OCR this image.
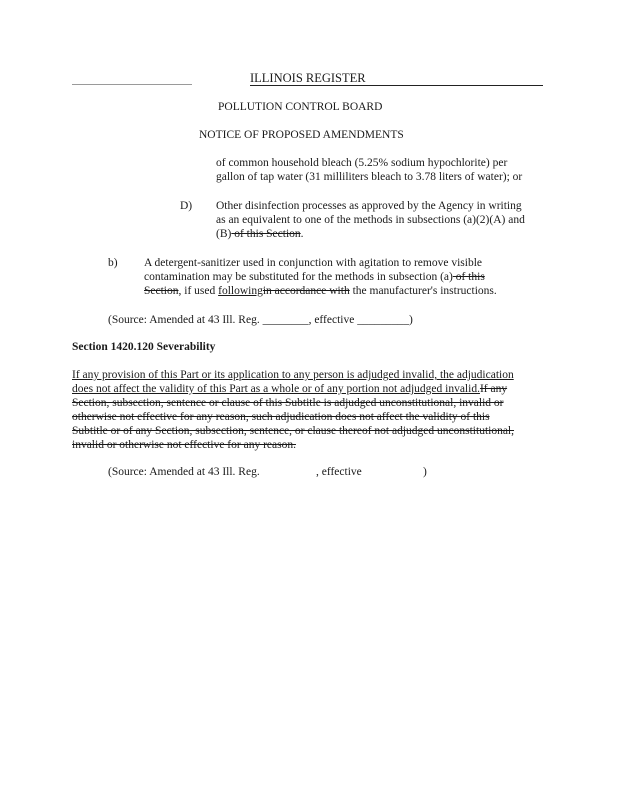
ILLINOIS REGISTER
POLLUTION CONTROL BOARD
NOTICE OF PROPOSED AMENDMENTS
of common household bleach (5.25% sodium hypochlorite) per
gallon of tap water (31 milliliters bleach to 3.78 liters of water); or
D) Other disinfection processes as approved by the Agency in writing
as an equivalent to one of the methods in subsections (a)(2)(A) and
(B) of this Section.
b) A detergent-sanitizer used in conjunction with agitation to remove visible
contamination may be substituted for the methods in subsection (a) of this
Section, if used followingin accordance with the manufacturer's instructions.
(Source: Amended at 43 Ill. Reg. ________, effective _________)
Section 1420.120 Severability
If any provision of this Part or its application to any person is adjudged invalid, the adjudication
does not affect the validity of this Part as a whole or of any portion not adjudged invalid.If any
Section, subsection, sentence or clause of this Subtitle is adjudged unconstitutional, invalid or
otherwise not effective for any reason, such adjudication does not affect the validity of this
Subtitle or of any Section, subsection, sentence, or clause thereof not adjudged unconstitutional,
invalid or otherwise not effective for any reason.
(Source: Amended at 43 Ill. Reg.	, effective	)
